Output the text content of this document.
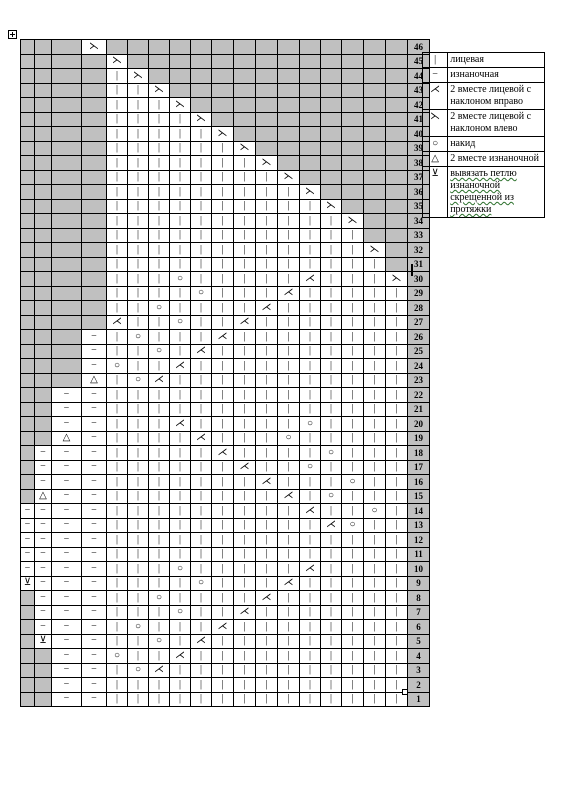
			⋋															46
				⋋														45
				|	⋋													44
				|	|	⋋												43
				|	|	|	⋋											42
				|	|	|	|	⋋										41
				|	|	|	|	|	⋋									40
				|	|	|	|	|	|	⋋								39
				|	|	|	|	|	|	|	⋋							38
				|	|	|	|	|	|	|	|	⋋						37
				|	|	|	|	|	|	|	|	|	⋋					36
				|	|	|	|	|	|	|	|	|	|	⋋				35
				|	|	|	|	|	|	|	|	|	|	|	⋋			34
				|	|	|	|	|	|	|	|	|	|	|	|			33
				|	|	|	|	|	|	|	|	|	|	|	|	⋋		32
				|	|	|	|	|	|	|	|	|	|	|	|	|		31
				|	|	|	○	|	|	|	|	|	⋌	|	|	|	⋋	30
				|	|	|	|	○	|	|	|	⋌	|	|	|	|	|	29
				|	|	○	|	|	|	|	⋌	|	|	|	|	|	|	28
				⋌	|	|	○	|	|	⋌	|	|	|	|	|	|	|	27
			−	|	○	|	|	|	⋌	|	|	|	|	|	|	|	|	26
			−	|	|	○	|	⋌	|	|	|	|	|	|	|	|	|	25
			−	○	|	|	⋌	|	|	|	|	|	|	|	|	|	|	24
			△	|	○	⋌	|	|	|	|	|	|	|	|	|	|	|	23
		−	−	|	|	|	|	|	|	|	|	|	|	|	|	|	|	22
		−	−	|	|	|	|	|	|	|	|	|	|	|	|	|	|	21
		−	−	|	|	|	⋌	|	|	|	|	|	○	|	|	|	|	20
		△	−	|	|	|	|	⋌	|	|	|	○	|	|	|	|	|	19
	−	−	−	|	|	|	|	|	⋌	|	|	|	|	○	|	|	|	18
	−	−	−	|	|	|	|	|	|	⋌	|	|	○	|	|	|	|	17
	−	−	−	|	|	|	|	|	|	|	⋌	|	|	|	○	|	|	16
	△	−	−	|	|	|	|	|	|	|	|	⋌	|	○	|	|	|	15
−	−	−	−	|	|	|	|	|	|	|	|	|	⋌	|	|	○	|	14
−	−	−	−	|	|	|	|	|	|	|	|	|	|	⋌	○	|	|	13
−	−	−	−	|	|	|	|	|	|	|	|	|	|	|	|	|	|	12
−	−	−	−	|	|	|	|	|	|	|	|	|	|	|	|	|	|	11
−	−	−	−	|	|	|	○	|	|	|	|	|	⋌	|	|	|	|	10
⊻	−	−	−	|	|	|	|	○	|	|	|	⋌	|	|	|	|	|	9
	−	−	−	|	|	○	|	|	|	|	⋌	|	|	|	|	|	|	8
	−	−	−	|	|	|	○	|	|	⋌	|	|	|	|	|	|	|	7
	−	−	−	|	○	|	|	|	⋌	|	|	|	|	|	|	|	|	6
	⊻	−	−	|	|	○	|	⋌	|	|	|	|	|	|	|	|	|	5
		−	−	○	|	|	⋌	|	|	|	|	|	|	|	|	|	|	4
		−	−	|	○	⋌	|	|	|	|	|	|	|	|	|	|	|	3
		−	−	|	|	|	|	|	|	|	|	|	|	|	|	|	|	2
		−	−	|	|	|	|	|	|	|	|	|	|	|	|	|	|	1
|	лицевая
−	изнаночная
⋌	2 вместе лицевой с наклоном вправо
⋋	2 вместе лицевой с наклоном влево
○	накид
△	2 вместе изнаночной
⊻	вывязать петлю изнаночной скрещенной из протяжки
